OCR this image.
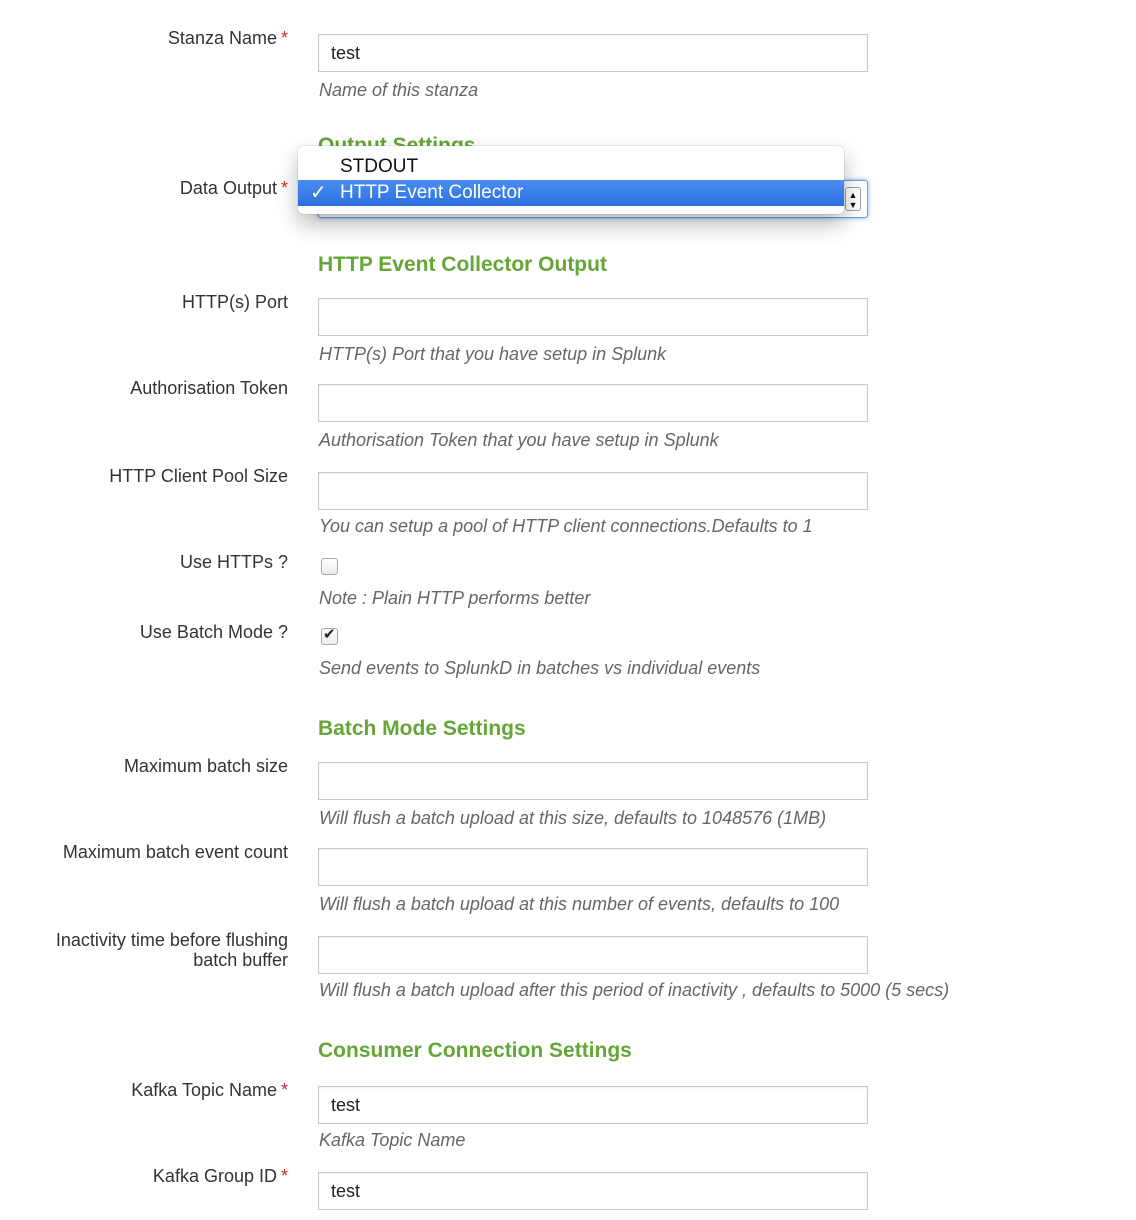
Stanza Name *
test
Name of this stanza
Data Output *	▲
▼
STDOUT
✓ HTTP Event Collector
HTTP Event Collector Output
HTTP(s) Port
HTTP(s) Port that you have setup in Splunk
Authorisation Token
Authorisation Token that you have setup in Splunk
HTTP Client Pool Size
You can setup a pool of HTTP client connections.Defaults to 1
Use HTTPs ?
Note : Plain HTTP performs better
Use Batch Mode ? ✔
Send events to SplunkD in batches vs individual events
Batch Mode Settings
Maximum batch size
Will flush a batch upload at this size, defaults to 1048576 (1MB)
Maximum batch event count
Will flush a batch upload at this number of events, defaults to 100
Inactivity time before flushing
batch buffer
Will flush a batch upload after this period of inactivity , defaults to 5000 (5 secs)
Consumer Connection Settings
Kafka Topic Name *
test
Kafka Topic Name
Kafka Group ID *
test
